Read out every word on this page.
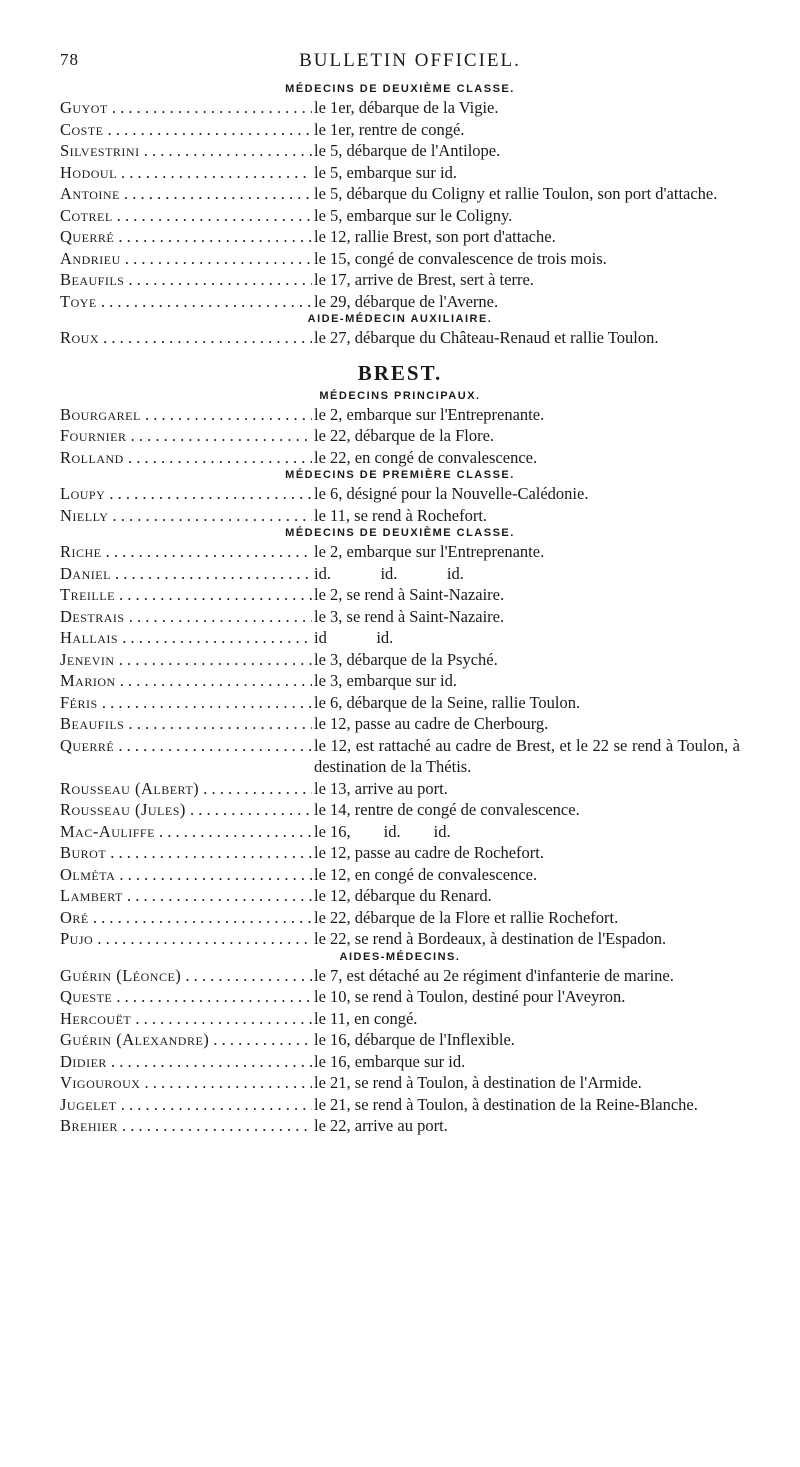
78	BULLETIN OFFICIEL.
MÉDECINS DE DEUXIÈME CLASSE.
Guyot . . .	le 1er, débarque de la Vigie.
Coste . . .	le 1er, rentre de congé.
Silvestrini . . .	le 5, débarque de l'Antilope.
Hodoul . . .	le 5, embarque sur id.
Antoine . . .	le 5, débarque du Coligny et rallie Toulon, son port d'attache.
Cotrel . . .	le 5, embarque sur le Coligny.
Querré . . .	le 12, rallie Brest, son port d'attache.
Andrieu . . .	le 15, congé de convalescence de trois mois.
Beaufils . . .	le 17, arrive de Brest, sert à terre.
Toye . . .	le 29, débarque de l'Averne.
AIDE-MÉDECIN AUXILIAIRE.
Roux . . .	le 27, débarque du Château-Renaud et rallie Toulon.
BREST.
MÉDECINS PRINCIPAUX.
Bourgarel . . .	le 2, embarque sur l'Entreprenante.
Fournier . . .	le 22, débarque de la Flore.
Rolland . . .	le 22, en congé de convalescence.
MÉDECINS DE PREMIÈRE CLASSE.
Loupy . . .	le 6, désigné pour la Nouvelle-Calédonie.
Nielly . . .	le 11, se rend à Rochefort.
MÉDECINS DE DEUXIÈME CLASSE.
Riche . . .	le 2, embarque sur l'Entreprenante.
Daniel . . .	id.            id.            id.
Treille . . .	le 2, se rend à Saint-Nazaire.
Destrais . . .	le 3, se rend à Saint-Nazaire.
Hallais . . .	id            id.
Jenevin . . .	le 3, débarque de la Psyché.
Marion . . .	le 3, embarque sur id.
Féris . . .	le 6, débarque de la Seine, rallie Toulon.
Beaufils . . .	le 12, passe au cadre de Cherbourg.
Querré . . .	le 12, est rattaché au cadre de Brest, et le 22 se rend à Toulon, à destination de la Thétis.
Rousseau (Albert) . . .	le 13, arrive au port.
Rousseau (Jules) . . .	le 14, rentre de congé de convalescence.
Mac-Auliffe . . .	le 16,        id.        id.
Burot . . .	le 12, passe au cadre de Rochefort.
Olméta . . .	le 12, en congé de convalescence.
Lambert . . .	le 12, débarque du Renard.
Oré . . .	le 22, débarque de la Flore et rallie Rochefort.
Pujo . . .	le 22, se rend à Bordeaux, à destination de l'Espadon.
AIDES-MÉDECINS.
Guérin (Léonce) . . .	le 7, est détaché au 2e régiment d'infanterie de marine.
Queste . . .	le 10, se rend à Toulon, destiné pour l'Aveyron.
Hercouët . . .	le 11, en congé.
Guérin (Alexandre) . . .	le 16, débarque de l'Inflexible.
Didier . . .	le 16, embarque sur id.
Vigouroux . . .	le 21, se rend à Toulon, à destination de l'Armide.
Jugelet . . .	le 21, se rend à Toulon, à destination de la Reine-Blanche.
Brehier . . .	le 22, arrive au port.
